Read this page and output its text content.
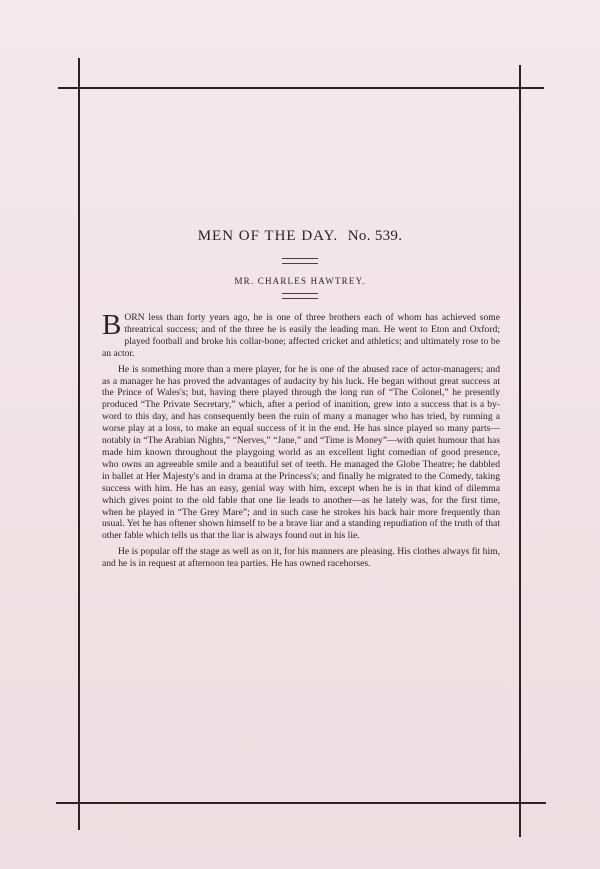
MEN OF THE DAY. No. 539.
MR. CHARLES HAWTREY.

BORN less than forty years ago, he is one of three brothers each of whom has achieved some threatrical success; and of the three he is easily the leading man. He went to Eton and Oxford; played football and broke his collar-bone; affected cricket and athletics; and ultimately rose to be an actor.

He is something more than a mere player, for he is one of the abused race of actor-managers; and as a manager he has proved the advantages of audacity by his luck. He began without great success at the Prince of Wales's; but, having there played through the long run of “The Colonel,” he presently produced “The Private Secretary,” which, after a period of inanition, grew into a success that is a by-word to this day, and has consequently been the ruin of many a manager who has tried, by running a worse play at a loss, to make an equal success of it in the end. He has since played so many parts—notably in “The Arabian Nights,” “Nerves,” “Jane,” and “Time is Money”—with quiet humour that has made him known throughout the playgoing world as an excellent light comedian of good presence, who owns an agreeable smile and a beautiful set of teeth. He managed the Globe Theatre; he dabbled in ballet at Her Majesty's and in drama at the Princess's; and finally he migrated to the Comedy, taking success with him. He has an easy, genial way with him, except when he is in that kind of dilemma which gives point to the old fable that one lie leads to another—as he lately was, for the first time, when he played in “The Grey Mare”; and in such case he strokes his back hair more frequently than usual. Yet he has oftener shown himself to be a brave liar and a standing repudiation of the truth of that other fable which tells us that the liar is always found out in his lie.

He is popular off the stage as well as on it, for his manners are pleasing. His clothes always fit him, and he is in request at afternoon tea parties. He has owned racehorses.
